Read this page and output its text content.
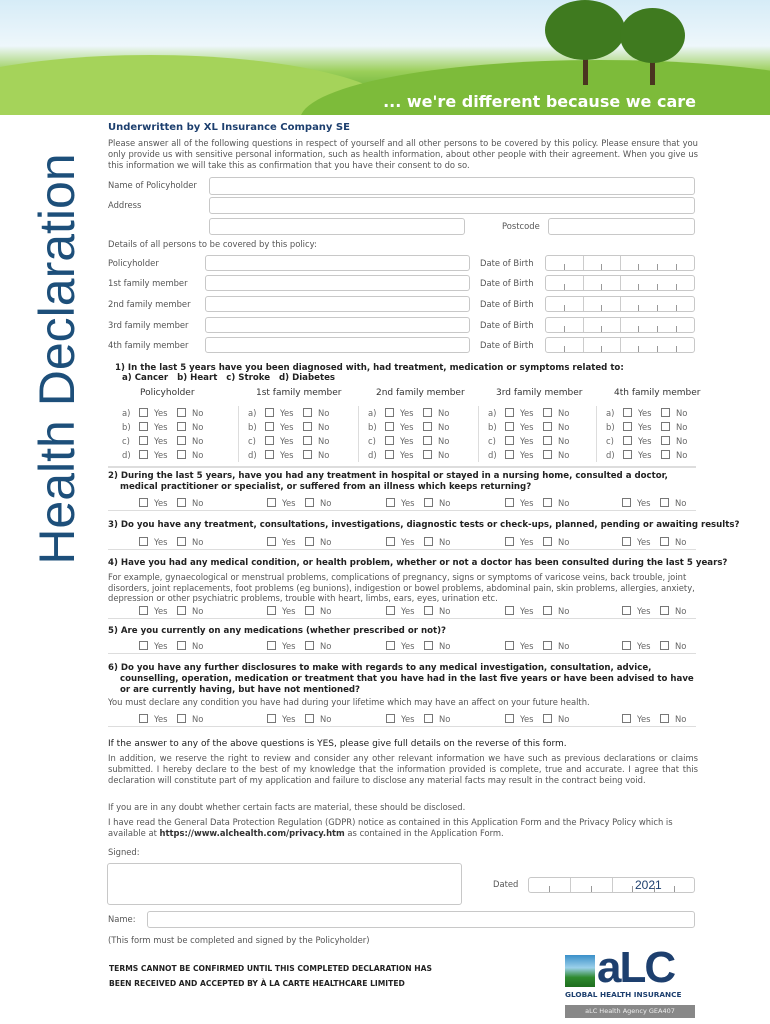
... we're different because we care
Health Declaration
Underwritten by XL Insurance Company SE
Please answer all of the following questions in respect of yourself and all other persons to be covered by this policy. Please ensure that you only provide us with sensitive personal information, such as health information, about other people with their agreement. When you give us this information we will take this as confirmation that you have their consent to do so.
Name of Policyholder
Address
Postcode
Details of all persons to be covered by this policy:
Policyholder	Date of Birth
1st family member	Date of Birth
2nd family member	Date of Birth
3rd family member	Date of Birth
4th family member	Date of Birth
1) In the last 5 years have you been diagnosed with, had treatment, medication or symptoms related to:
a) Cancer   b) Heart   c) Stroke   d) Diabetes
Policyholder
a)	Yes	No
b)	Yes	No
c)	Yes	No
d)	Yes	No
1st family member
a)	Yes	No
b)	Yes	No
c)	Yes	No
d)	Yes	No
2nd family member
a)	Yes	No
b)	Yes	No
c)	Yes	No
d)	Yes	No
3rd family member
a)	Yes	No
b)	Yes	No
c)	Yes	No
d)	Yes	No
4th family member
a)	Yes	No
b)	Yes	No
c)	Yes	No
d)	Yes	No
2) During the last 5 years, have you had any treatment in hospital or stayed in a nursing home, consulted a doctor, medical practitioner or specialist, or suffered from an illness which keeps returning?
Yes	No	Yes	No	Yes	No	Yes	No	Yes	No
3) Do you have any treatment, consultations, investigations, diagnostic tests or check-ups, planned, pending or awaiting results?
Yes	No	Yes	No	Yes	No	Yes	No	Yes	No
4) Have you had any medical condition, or health problem, whether or not a doctor has been consulted during the last 5 years?
For example, gynaecological or menstrual problems, complications of pregnancy, signs or symptoms of varicose veins, back trouble, joint disorders, joint replacements, foot problems (eg bunions), indigestion or bowel problems, abdominal pain, skin problems, allergies, anxiety, depression or other psychiatric problems, trouble with heart, limbs, ears, eyes, urination etc.
Yes	No	Yes	No	Yes	No	Yes	No	Yes	No
5) Are you currently on any medications (whether prescribed or not)?
Yes	No	Yes	No	Yes	No	Yes	No	Yes	No
6) Do you have any further disclosures to make with regards to any medical investigation, consultation, advice, counselling, operation, medication or treatment that you have had in the last five years or have been advised to have or are currently having, but have not mentioned?
You must declare any condition you have had during your lifetime which may have an affect on your future health.
Yes	No	Yes	No	Yes	No	Yes	No	Yes	No
If the answer to any of the above questions is YES, please give full details on the reverse of this form.
In addition, we reserve the right to review and consider any other relevant information we have such as previous declarations or claims submitted. I hereby declare to the best of my knowledge that the information provided is complete, true and accurate. I agree that this declaration will constitute part of my application and failure to disclose any material facts may result in the contract being void.
If you are in any doubt whether certain facts are material, these should be disclosed.
I have read the General Data Protection Regulation (GDPR) notice as contained in this Application Form and the Privacy Policy which is available at https://www.alchealth.com/privacy.htm as contained in the Application Form.
Signed:
Dated	2021
Name:
(This form must be completed and signed by the Policyholder)
TERMS CANNOT BE CONFIRMED UNTIL THIS COMPLETED DECLARATION HAS
BEEN RECEIVED AND ACCEPTED BY À LA CARTE HEALTHCARE LIMITED	aLC
GLOBAL HEALTH INSURANCE
aLC Health Agency GEA407
